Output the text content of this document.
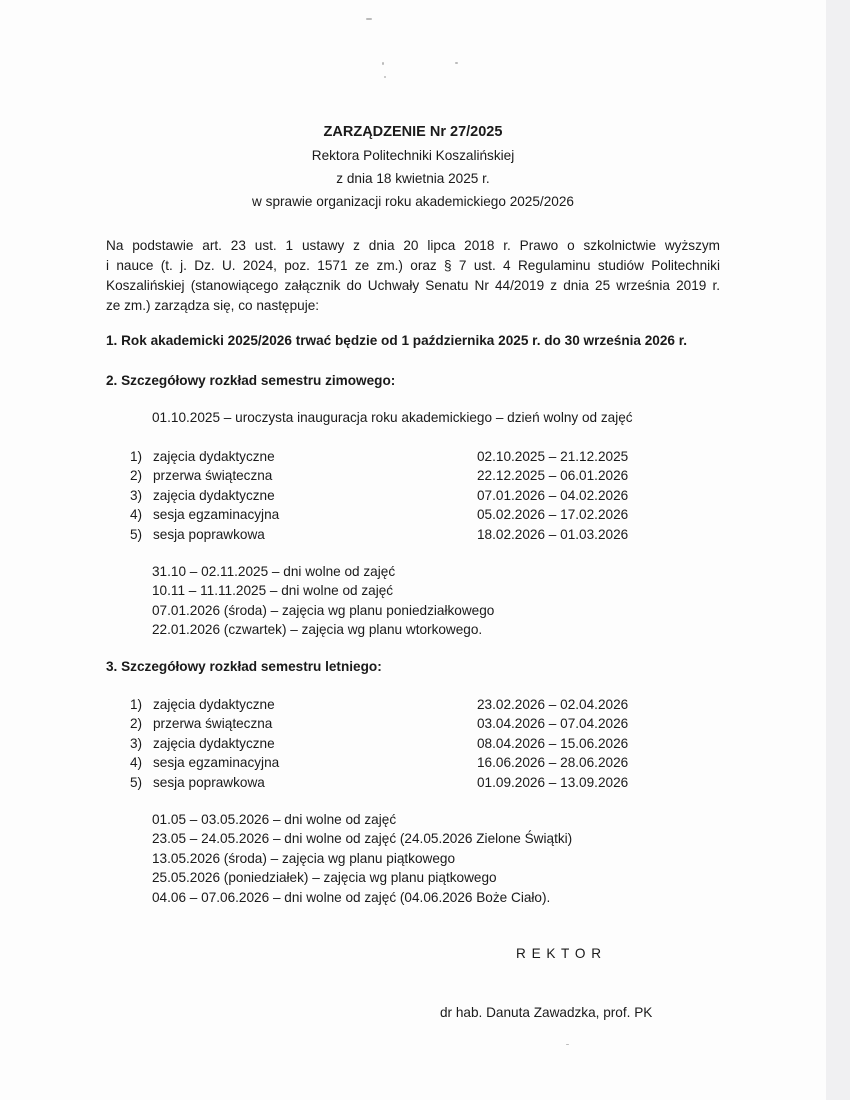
ZARZĄDZENIE Nr 27/2025
Rektora Politechniki Koszalińskiej
z dnia 18 kwietnia 2025 r.
w sprawie organizacji roku akademickiego 2025/2026
Na podstawie art. 23 ust. 1 ustawy z dnia 20 lipca 2018 r. Prawo o szkolnictwie wyższym
i nauce (t. j. Dz. U. 2024, poz. 1571 ze zm.) oraz § 7 ust. 4 Regulaminu studiów Politechniki
Koszalińskiej (stanowiącego załącznik do Uchwały Senatu Nr 44/2019 z dnia 25 września 2019 r.
ze zm.) zarządza się, co następuje:
1. Rok akademicki 2025/2026 trwać będzie od 1 października 2025 r. do 30 września 2026 r.
2. Szczegółowy rozkład semestru zimowego:
01.10.2025 – uroczysta inauguracja roku akademickiego – dzień wolny od zajęć
1) zajęcia dydaktyczne	02.10.2025 – 21.12.2025
2) przerwa świąteczna	22.12.2025 – 06.01.2026
3) zajęcia dydaktyczne	07.01.2026 – 04.02.2026
4) sesja egzaminacyjna	05.02.2026 – 17.02.2026
5) sesja poprawkowa	18.02.2026 – 01.03.2026
31.10 – 02.11.2025 – dni wolne od zajęć
10.11 – 11.11.2025 – dni wolne od zajęć
07.01.2026 (środa) – zajęcia wg planu poniedziałkowego
22.01.2026 (czwartek) – zajęcia wg planu wtorkowego.
3. Szczegółowy rozkład semestru letniego:
1) zajęcia dydaktyczne	23.02.2026 – 02.04.2026
2) przerwa świąteczna	03.04.2026 – 07.04.2026
3) zajęcia dydaktyczne	08.04.2026 – 15.06.2026
4) sesja egzaminacyjna	16.06.2026 – 28.06.2026
5) sesja poprawkowa	01.09.2026 – 13.09.2026
01.05 – 03.05.2026 – dni wolne od zajęć
23.05 – 24.05.2026 – dni wolne od zajęć (24.05.2026 Zielone Świątki)
13.05.2026 (środa) – zajęcia wg planu piątkowego
25.05.2026 (poniedziałek) – zajęcia wg planu piątkowego
04.06 – 07.06.2026 – dni wolne od zajęć (04.06.2026 Boże Ciało).
R E K T O R
dr hab. Danuta Zawadzka, prof. PK
